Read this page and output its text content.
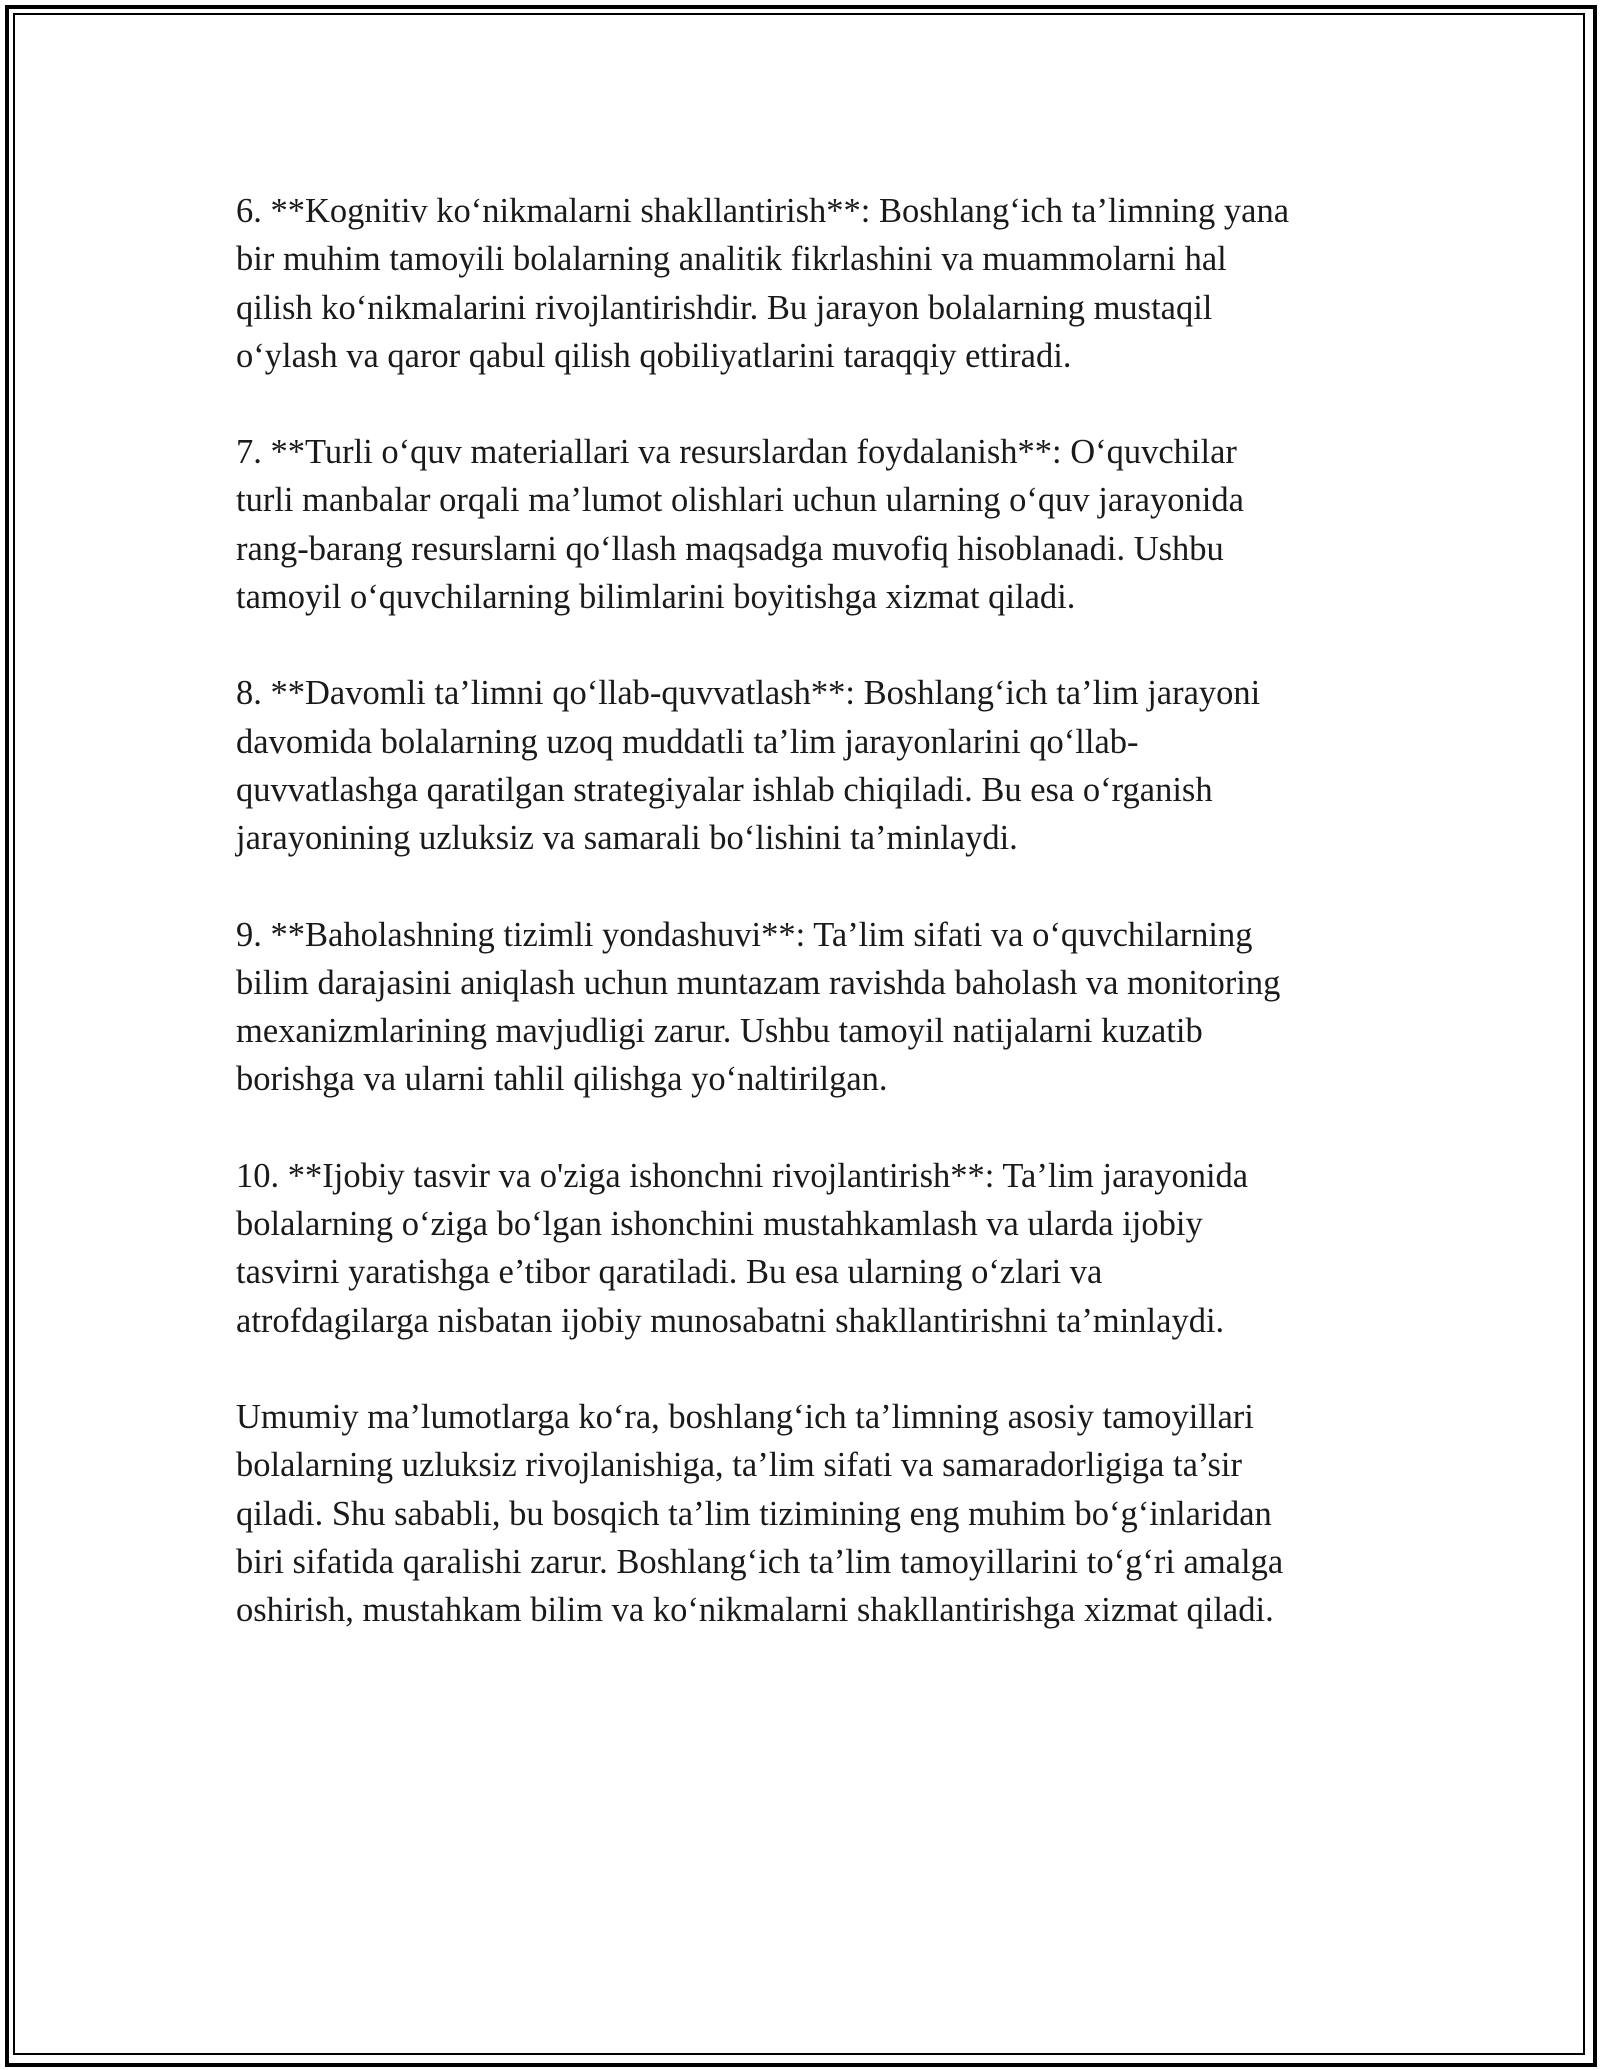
6. **Kognitiv ko‘nikmalarni shakllantirish**: Boshlang‘ich ta’limning yana
bir muhim tamoyili bolalarning analitik fikrlashini va muammolarni hal
qilish ko‘nikmalarini rivojlantirishdir. Bu jarayon bolalarning mustaqil
o‘ylash va qaror qabul qilish qobiliyatlarini taraqqiy ettiradi.

7. **Turli o‘quv materiallari va resurslardan foydalanish**: O‘quvchilar
turli manbalar orqali ma’lumot olishlari uchun ularning o‘quv jarayonida
rang-barang resurslarni qo‘llash maqsadga muvofiq hisoblanadi. Ushbu
tamoyil o‘quvchilarning bilimlarini boyitishga xizmat qiladi.

8. **Davomli ta’limni qo‘llab-quvvatlash**: Boshlang‘ich ta’lim jarayoni
davomida bolalarning uzoq muddatli ta’lim jarayonlarini qo‘llab-
quvvatlashga qaratilgan strategiyalar ishlab chiqiladi. Bu esa o‘rganish
jarayonining uzluksiz va samarali bo‘lishini ta’minlaydi.

9. **Baholashning tizimli yondashuvi**: Ta’lim sifati va o‘quvchilarning
bilim darajasini aniqlash uchun muntazam ravishda baholash va monitoring
mexanizmlarining mavjudligi zarur. Ushbu tamoyil natijalarni kuzatib
borishga va ularni tahlil qilishga yo‘naltirilgan.

10. **Ijobiy tasvir va o'ziga ishonchni rivojlantirish**: Ta’lim jarayonida
bolalarning o‘ziga bo‘lgan ishonchini mustahkamlash va ularda ijobiy
tasvirni yaratishga e’tibor qaratiladi. Bu esa ularning o‘zlari va
atrofdagilarga nisbatan ijobiy munosabatni shakllantirishni ta’minlaydi.

Umumiy ma’lumotlarga ko‘ra, boshlang‘ich ta’limning asosiy tamoyillari
bolalarning uzluksiz rivojlanishiga, ta’lim sifati va samaradorligiga ta’sir
qiladi. Shu sababli, bu bosqich ta’lim tizimining eng muhim bo‘g‘inlaridan
biri sifatida qaralishi zarur. Boshlang‘ich ta’lim tamoyillarini to‘g‘ri amalga
oshirish, mustahkam bilim va ko‘nikmalarni shakllantirishga xizmat qiladi.
